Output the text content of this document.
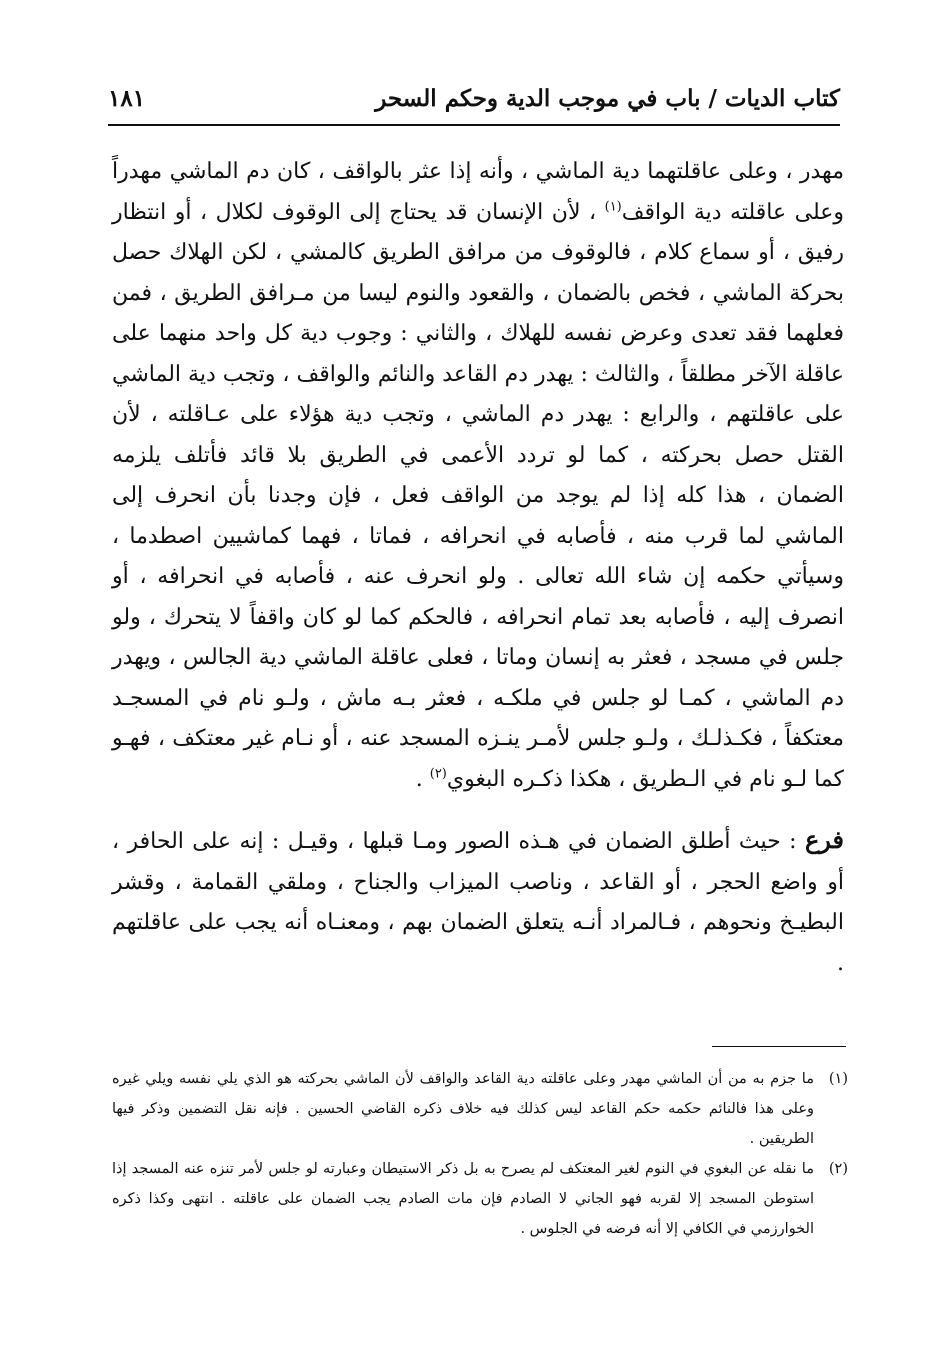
كتاب الديات / باب في موجب الدية وحكم السحر
١٨١

مهدر ، وعلى عاقلتهما دية الماشي ، وأنه إذا عثر بالواقف ، كان دم الماشي مهدراً وعلى عاقلته دية الواقف$^{(١)}$ ، لأن الإنسان قد يحتاج إلى الوقوف لكلال ، أو انتظار رفيق ، أو سماع كلام ، فالوقوف من مرافق الطريق كالمشي ، لكن الهلاك حصل بحركة الماشي ، فخص بالضمان ، والقعود والنوم ليسا من مـرافق الطريق ، فمن فعلهما فقد تعدى وعرض نفسه للهلاك ، والثاني : وجوب دية كل واحد منهما على عاقلة الآخر مطلقاً ، والثالث : يهدر دم القاعد والنائم والواقف ، وتجب دية الماشي على عاقلتهم ، والرابع : يهدر دم الماشي ، وتجب دية هؤلاء على عـاقلته ، لأن القتل حصل بحركته ، كما لو تردد الأعمى في الطريق بلا قائد فأتلف يلزمه الضمان ، هذا كله إذا لم يوجد من الواقف فعل ، فإن وجدنا بأن انحرف إلى الماشي لما قرب منه ، فأصابه في انحرافه ، فماتا ، فهما كماشيين اصطدما ، وسيأتي حكمه إن شاء الله تعالى . ولو انحرف عنه ، فأصابه في انحرافه ، أو انصرف إليه ، فأصابه بعد تمام انحرافه ، فالحكم كما لو كان واقفاً لا يتحرك ، ولو جلس في مسجد ، فعثر به إنسان وماتا ، فعلى عاقلة الماشي دية الجالس ، ويهدر دم الماشي ، كمـا لو جلس في ملكـه ، فعثر بـه ماش ، ولـو نام في المسجـد معتكفاً ، فكـذلـك ، ولـو جلس لأمـر ينـزه المسجد عنه ، أو نـام غير معتكف ، فهـو كما لـو نام في الـطريق ، هكذا ذكـره البغوي$^{(٢)}$ .

فرع : حيث أطلق الضمان في هـذه الصور ومـا قبلها ، وقيـل : إنه على الحافر ، أو واضع الحجر ، أو القاعد ، وناصب الميزاب والجناح ، وملقي القمامة ، وقشر البطيـخ ونحوهم ، فـالمراد أنـه يتعلق الضمان بهم ، ومعنـاه أنه يجب على عاقلتهم .

(١)
ما جزم به من أن الماشي مهدر وعلى عاقلته دية القاعد والواقف لأن الماشي بحركته هو الذي يلي نفسه ويلي غيره وعلى هذا فالنائم حكمه حكم القاعد ليس كذلك فيه خلاف ذكره القاضي الحسين . فإنه نقل التضمين وذكر فيها الطريقين .
(٢)
ما نقله عن البغوي في النوم لغير المعتكف لم يصرح به بل ذكر الاستيطان وعبارته لو جلس لأمر تنزه عنه المسجد إذا استوطن المسجد إلا لقربه فهو الجاني لا الصادم فإن مات الصادم يجب الضمان على عاقلته . انتهى وكذا ذكره الخوارزمي في الكافي إلا أنه فرضه في الجلوس .
